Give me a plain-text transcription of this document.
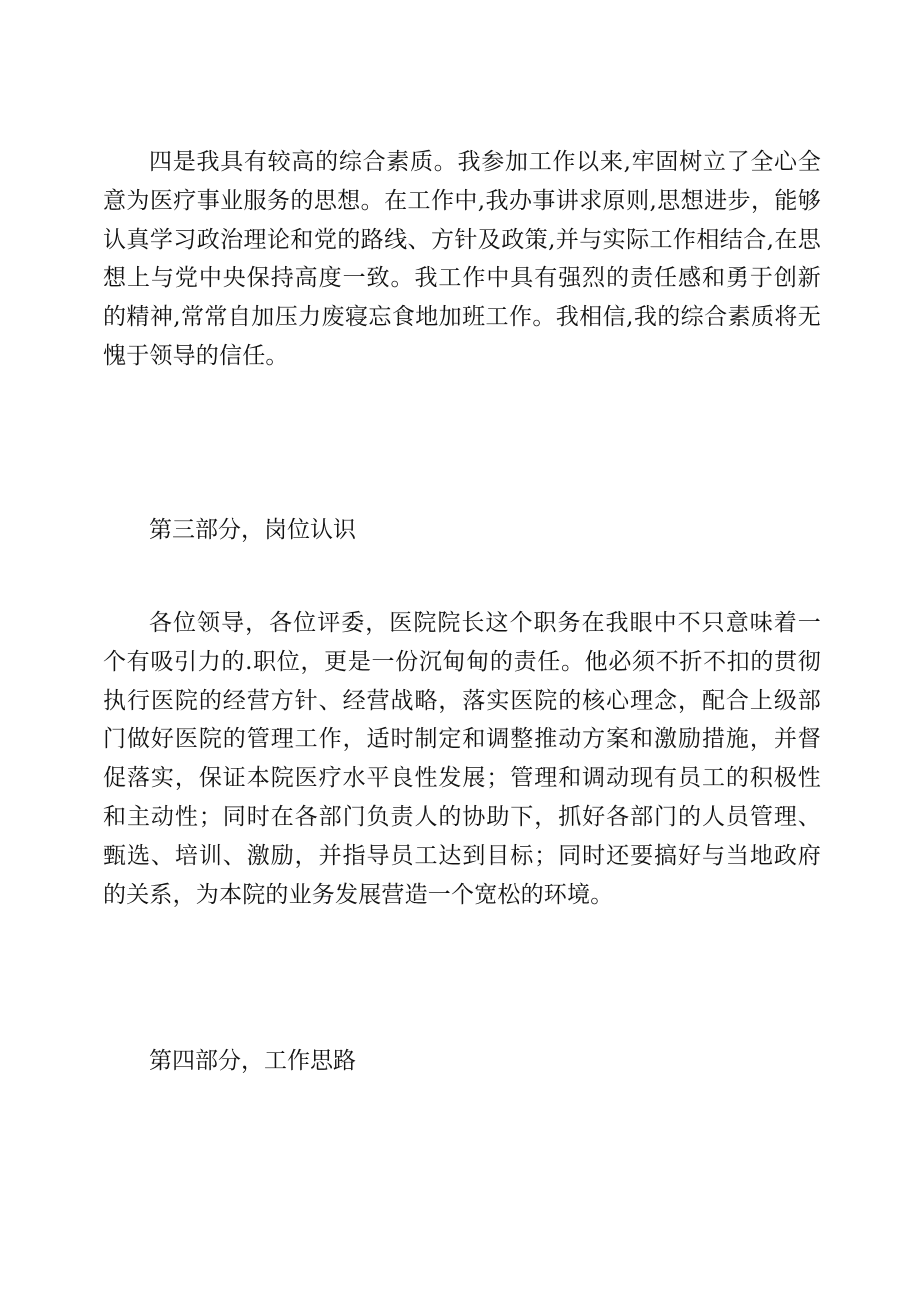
四是我具有较高的综合素质。我参加工作以来,牢固树立了全心全意为医疗事业服务的思想。在工作中,我办事讲求原则,思想进步，能够认真学习政治理论和党的路线、方针及政策,并与实际工作相结合,在思想上与党中央保持高度一致。我工作中具有强烈的责任感和勇于创新的精神,常常自加压力废寝忘食地加班工作。我相信,我的综合素质将无愧于领导的信任。

第三部分，岗位认识

各位领导，各位评委，医院院长这个职务在我眼中不只意味着一个有吸引力的.职位，更是一份沉甸甸的责任。他必须不折不扣的贯彻执行医院的经营方针、经营战略，落实医院的核心理念，配合上级部门做好医院的管理工作，适时制定和调整推动方案和激励措施，并督促落实，保证本院医疗水平良性发展；管理和调动现有员工的积极性和主动性；同时在各部门负责人的协助下，抓好各部门的人员管理、甄选、培训、激励，并指导员工达到目标；同时还要搞好与当地政府的关系，为本院的业务发展营造一个宽松的环境。

第四部分，工作思路
